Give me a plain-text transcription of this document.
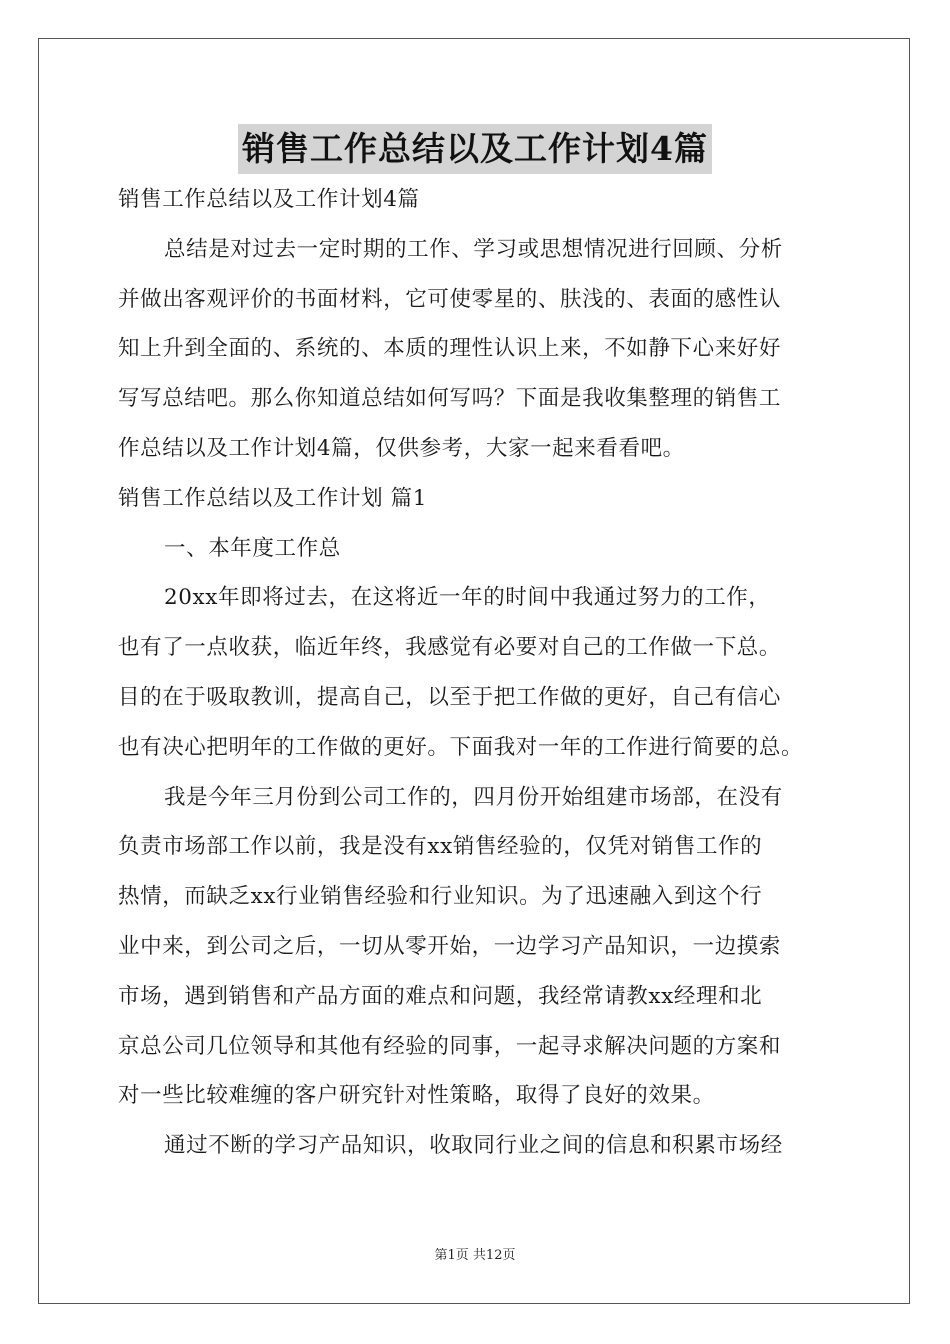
销售工作总结以及工作计划4篇
销售工作总结以及工作计划4篇
总结是对过去一定时期的工作、学习或思想情况进行回顾、分析
并做出客观评价的书面材料，它可使零星的、肤浅的、表面的感性认
知上升到全面的、系统的、本质的理性认识上来，不如静下心来好好
写写总结吧。那么你知道总结如何写吗？下面是我收集整理的销售工
作总结以及工作计划4篇，仅供参考，大家一起来看看吧。
销售工作总结以及工作计划 篇1
一、本年度工作总
20xx年即将过去，在这将近一年的时间中我通过努力的工作，
也有了一点收获，临近年终，我感觉有必要对自己的工作做一下总。
目的在于吸取教训，提高自己，以至于把工作做的更好，自己有信心
也有决心把明年的工作做的更好。下面我对一年的工作进行简要的总。
我是今年三月份到公司工作的，四月份开始组建市场部，在没有
负责市场部工作以前，我是没有xx销售经验的，仅凭对销售工作的
热情，而缺乏xx行业销售经验和行业知识。为了迅速融入到这个行
业中来，到公司之后，一切从零开始，一边学习产品知识，一边摸索
市场，遇到销售和产品方面的难点和问题，我经常请教xx经理和北
京总公司几位领导和其他有经验的同事，一起寻求解决问题的方案和
对一些比较难缠的客户研究针对性策略，取得了良好的效果。
通过不断的学习产品知识，收取同行业之间的信息和积累市场经
第1页 共12页
